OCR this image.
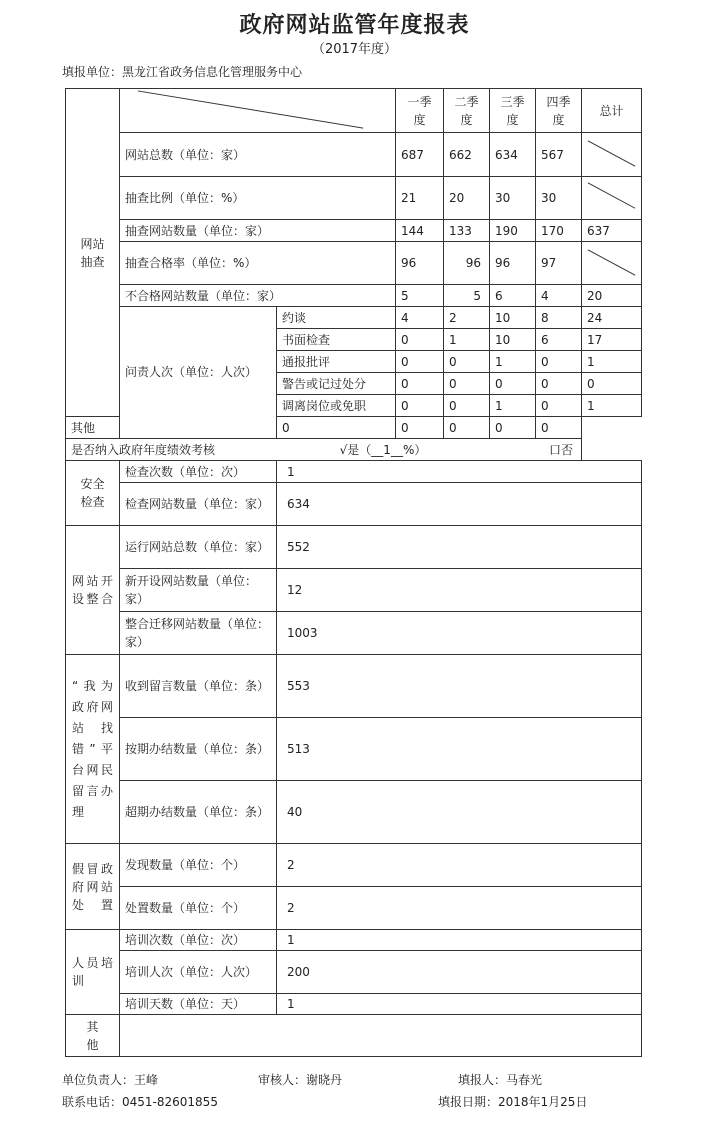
政府网站监管年度报表
（2017年度）
填报单位：黑龙江省政务信息化管理服务中心
网站抽查			一季度	二季度	三季度	四季度	总计
	网站总数（单位：家）		687	662	634	567	

	抽查比例（单位：%）		21	20	30	30	

	抽查网站数量（单位：家）		144	133	190	170	637
	抽查合格率（单位：%）		96	96	96	97	

	不合格网站数量（单位：家）		5	5	6	4	20
	问责人次（单位：人次）	约谈	4	2	10	8	24
		书面检查	0	1	10	6	17
		通报批评	0	0	1	0	1
		警告或记过处分	0	0	0	0	0
		调离岗位或免职	0	0	1	0	1
其他		0	0	0	0	0	
是否纳入政府年度绩效考核		√是（__1__%）			口否		
安全检查	检查次数（单位：次）	1					
	检查网站数量（单位：家）	634					
网站开设整合	运行网站总数（单位：家）	552					
	新开设网站数量（单位：家）	12					
	整合迁移网站数量（单位：家）	1003					
“我为政府网站找错”平台网民留言办理	收到留言数量（单位：条）	553					
	按期办结数量（单位：条）	513					
	超期办结数量（单位：条）	40					
假冒政府网站处置	发现数量（单位：个）	2					
	处置数量（单位：个）	2					
人员培训	培训次数（单位：次）	1					
	培训人次（单位：人次）	200					
	培训天数（单位：天）	1					
其他							
单位负责人：王峰	审核人：谢晓丹	填报人：马春光
联系电话：0451-82601855	填报日期：2018年1月25日
